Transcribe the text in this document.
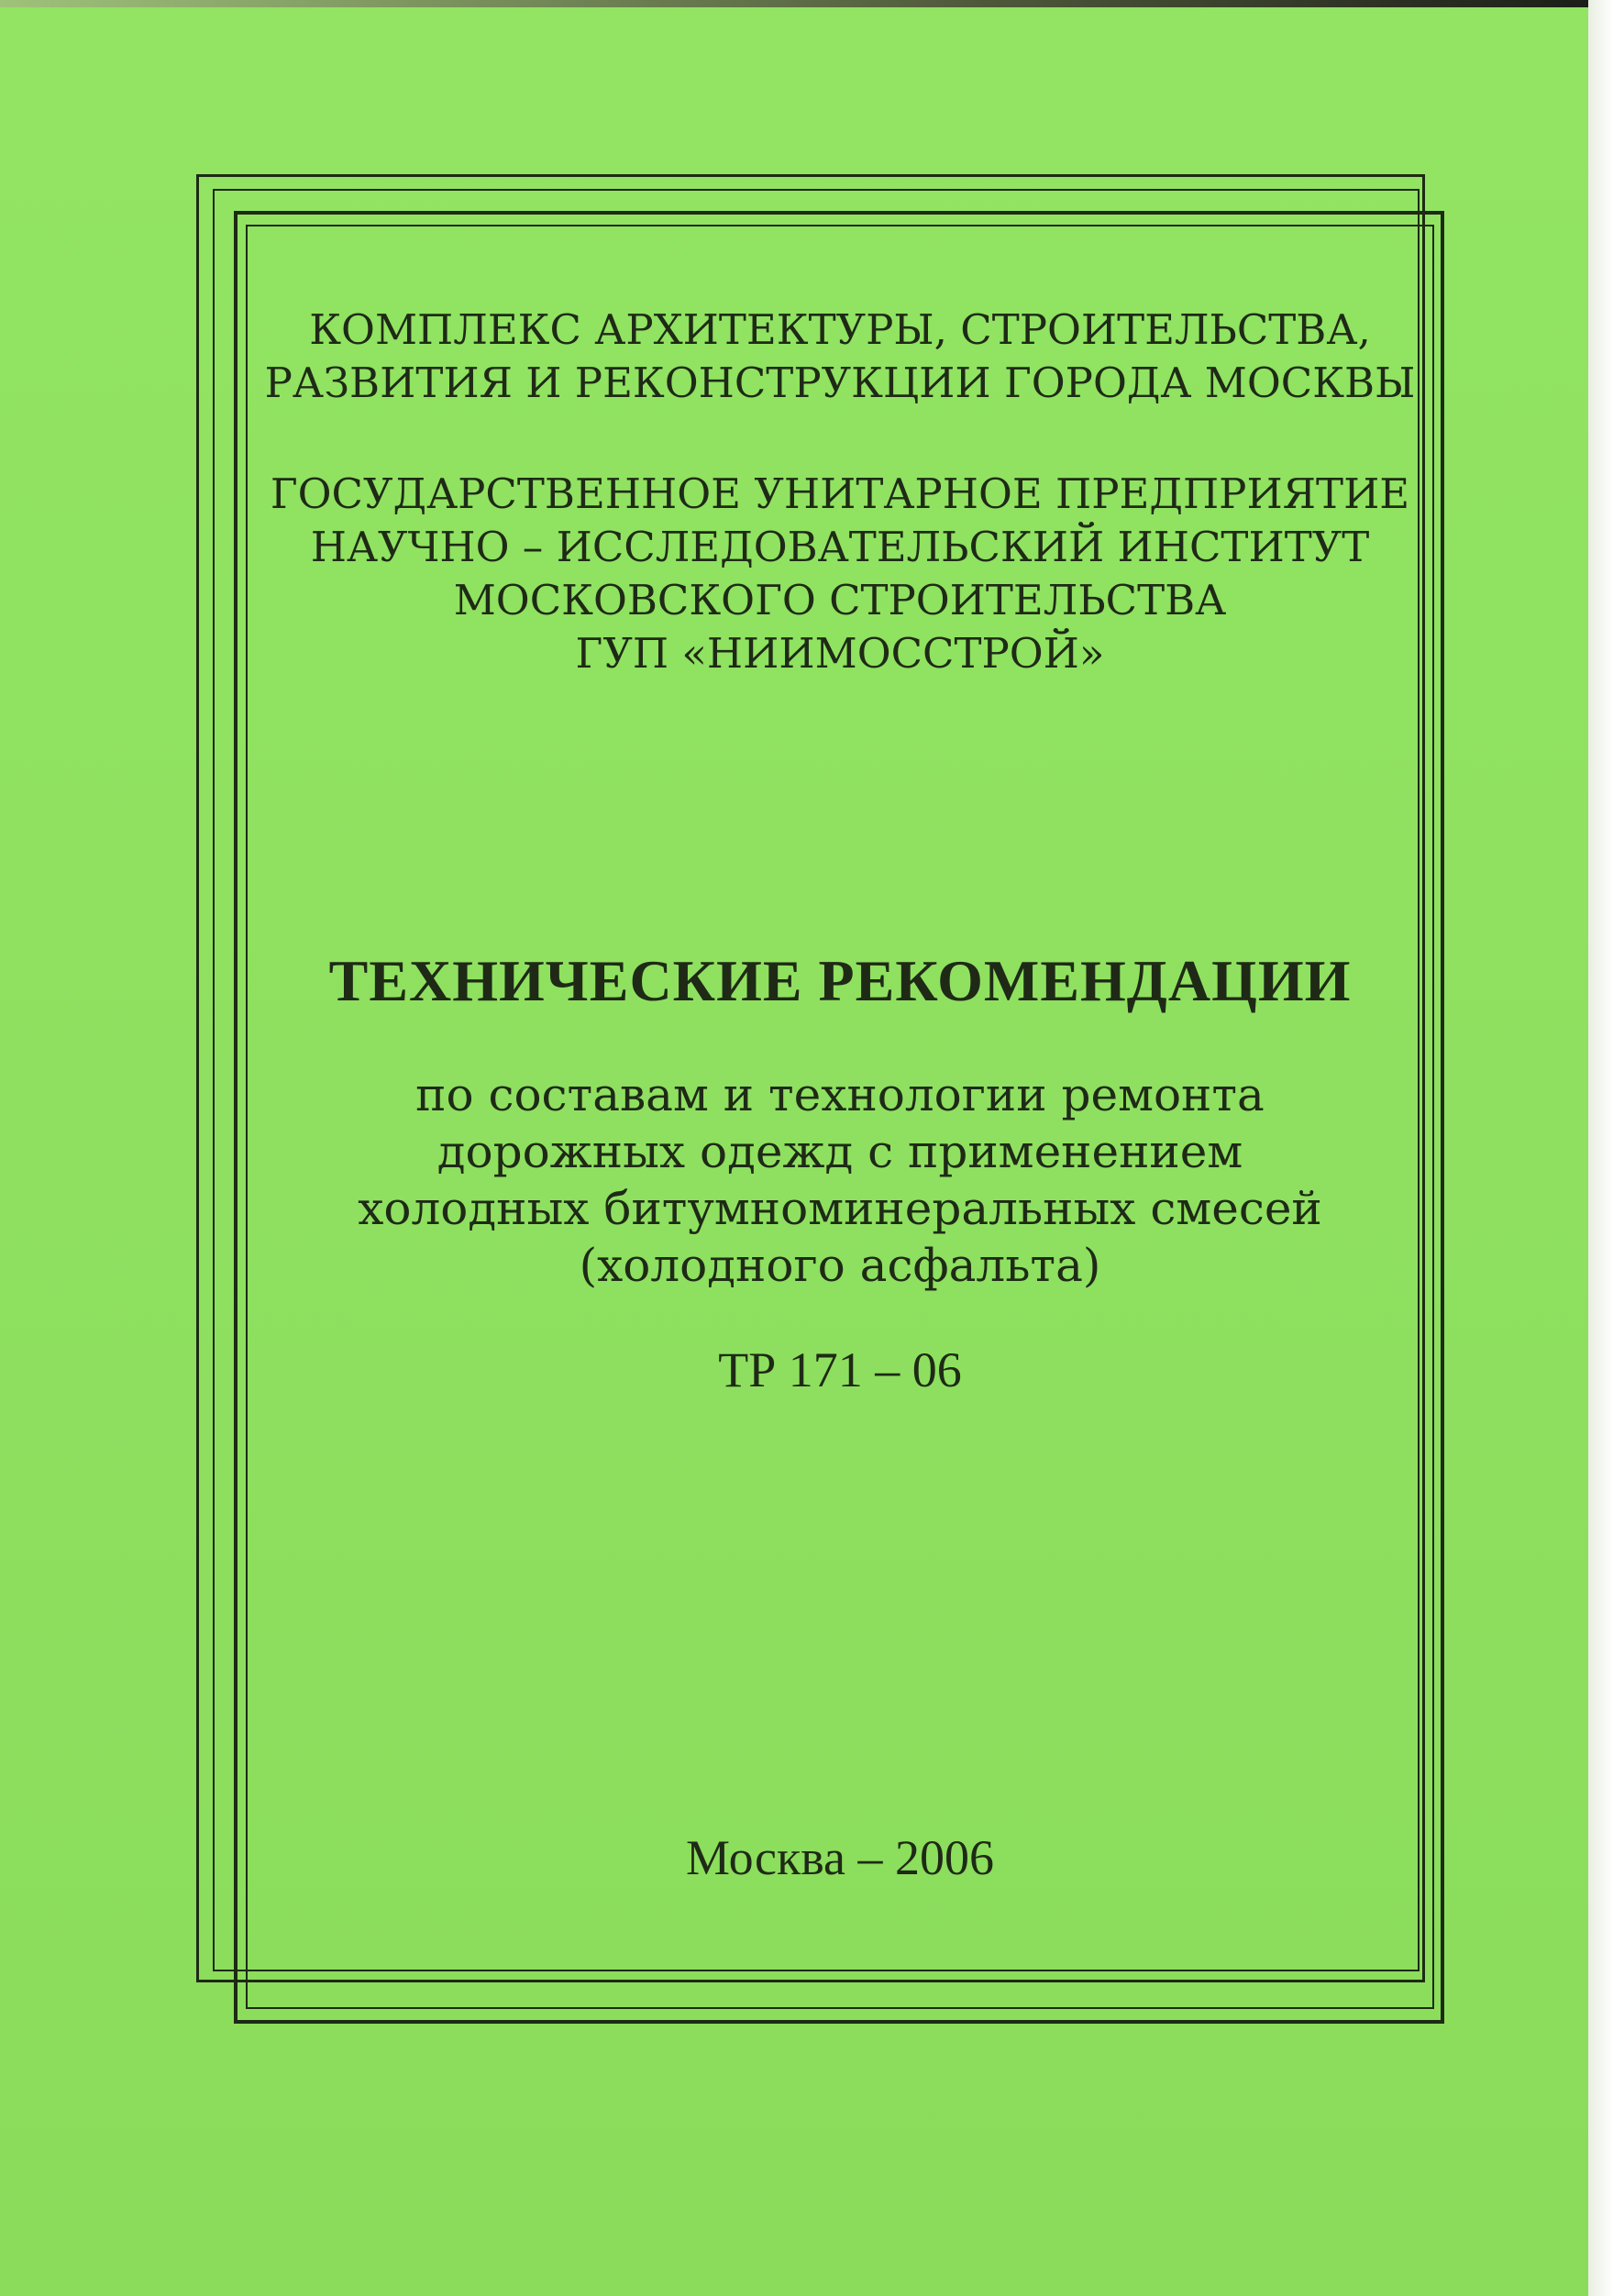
КОМПЛЕКС АРХИТЕКТУРЫ, СТРОИТЕЛЬСТВА,
РАЗВИТИЯ И РЕКОНСТРУКЦИИ ГОРОДА МОСКВЫ
ГОСУДАРСТВЕННОЕ УНИТАРНОЕ ПРЕДПРИЯТИЕ
НАУЧНО – ИССЛЕДОВАТЕЛЬСКИЙ ИНСТИТУТ
МОСКОВСКОГО СТРОИТЕЛЬСТВА
ГУП «НИИМОССТРОЙ»
ТЕХНИЧЕСКИЕ РЕКОМЕНДАЦИИ
по составам и технологии ремонта
дорожных одежд с применением
холодных битумноминеральных смесей
(холодного асфальта)
ТР 171 – 06
Москва – 2006
